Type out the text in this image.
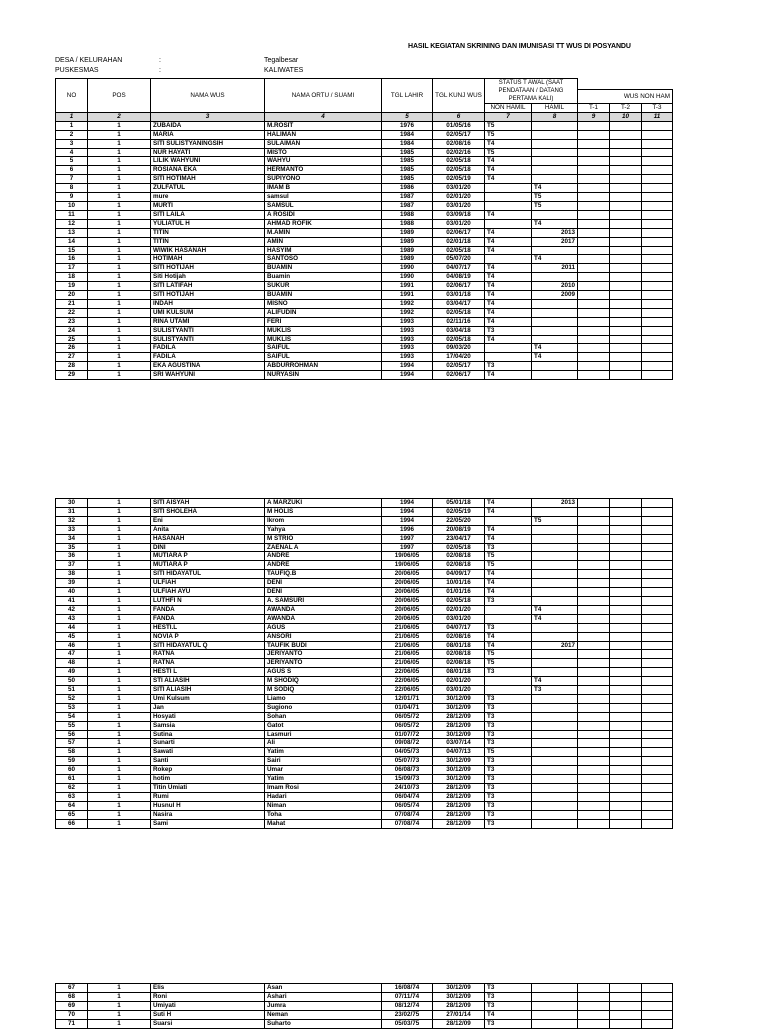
HASIL KEGIATAN SKRINING DAN IMUNISASI TT WUS DI POSYANDU
DESA / KELURAHAN	:	Tegalbesar
PUSKESMAS	:	KALIWATES
NO	POS	NAMA WUS	NAMA ORTU / SUAMI	TGL LAHIR	TGL KUNJ WUS	STATUS T AWAL (SAAT PENDATAAN / DATANG PERTAMA KALI)				
								WUS NON HAM		
						NON HAMIL	HAMIL	T-1	T-2	T-3
1	2	3	4	5	6	7	8	9	10	11
1	1	ZUBAIDA	M.ROSIT	1976	01/05/16	T5				
2	1	MARIA	HALIMAN	1984	02/05/17	T5				
3	1	SITI SULISTYANINGSIH	SULAIMAN	1984	02/08/16	T4				
4	1	NUR HAYATI	MISTO	1985	02/02/16	T5				
5	1	LILIK WAHYUNI	WAHYU	1985	02/05/18	T4				
6	1	ROSIANA EKA	HERMANTO	1985	02/05/18	T4				
7	1	SITI HOTIMAH	SUPIYONO	1985	02/05/19	T4				
8	1	ZULFATUL	IMAM B	1986	03/01/20		T4			
9	1	mure	samsul	1987	02/01/20		T5			
10	1	MURTI	SAMSUL	1987	03/01/20		T5			
11	1	SITI LAILA	A ROSIDI	1988	03/09/18	T4				
12	1	YULIATUL H	AHMAD ROFIK	1988	03/01/20		T4			
13	1	TITIN	M.AMIN	1989	02/06/17	T4	2013			

14	1	TITIN	AMIN	1989	02/01/18	T4	2017			

15	1	WIWIK HASANAH	HASYIM	1989	02/05/18	T4				
16	1	HOTIMAH	SANTOSO	1989	05/07/20		T4			
17	1	SITI HOTIJAH	BUAMIN	1990	04/07/17	T4	2011			

18	1	Siti Hotijah	Buamin	1990	04/08/19	T4				
19	1	SITI LATIFAH	SUKUR	1991	02/06/17	T4	2010			

20	1	SITI HOTIJAH	BUAMIN	1991	03/01/18	T4	2009			

21	1	INDAH	MISNO	1992	03/04/17	T4				
22	1	UMI KULSUM	ALIFUDIN	1992	02/05/18	T4				
23	1	RINA UTAMI	FERI	1993	02/11/16	T4				
24	1	SULISTYANTI	MUKLIS	1993	03/04/18	T3				
25	1	SULISTYANTI	MUKLIS	1993	02/05/18	T4				
26	1	FADILA	SAIFUL	1993	09/03/20		T4			
27	1	FADILA	SAIFUL	1993	17/04/20		T4			
28	1	EKA AGUSTINA	ABDURROHMAN	1994	02/05/17	T3				
29	1	SRI WAHYUNI	NURYASIN	1994	02/06/17	T4				
30	1	SITI AISYAH	A MARZUKI	1994	05/01/18	T4	2013			

31	1	SITI SHOLEHA	M HOLIS	1994	02/05/19	T4				
32	1	Eni	Ikrom	1994	22/05/20		T5			
33	1	Anita	Yahya	1996	20/08/19	T4				
34	1	HASANAH	M STRIO	1997	23/04/17	T4				
35	1	DINI	ZAENAL A	1997	02/05/18	T3				
36	1	MUTIARA P	ANDRE	19/06/05	02/08/18	T5				
37	1	MUTIARA P	ANDRE	19/06/05	02/08/18	T5				
38	1	SITI HIDAYATUL	TAUFIQ.B	20/06/05	04/09/17	T4				
39	1	ULFIAH	DENI	20/06/05	10/01/16	T4				
40	1	ULFIAH AYU	DENI	20/06/05	01/01/16	T4				
41	1	LUTHFI N	A. SAMSURI	20/06/05	02/05/18	T3				
42	1	FANDA	AWANDA	20/06/05	02/01/20		T4			
43	1	FANDA	AWANDA	20/06/05	03/01/20		T4			
44	1	HESTI.L	AGUS	21/06/05	04/07/17	T3				
45	1	NOVIA P	ANSORI	21/06/05	02/08/16	T4				
46	1	SITI HIDAYATUL Q	TAUFIK BUDI	21/06/05	08/01/18	T4	2017			

47	1	RATNA	JERIYANTO	21/06/05	02/08/18	T5				
48	1	RATNA	JERIYANTO	21/06/05	02/08/18	T5				
49	1	HESTI L	AGUS S	22/06/05	08/01/18	T3				
50	1	STI ALIASIH	M SHODIQ	22/06/05	02/01/20		T4			
51	1	SITI ALIASIH	M SODIQ	22/06/05	03/01/20		T3			
52	1	Umi Kulsum	Liamo	12/01/71	30/12/09	T3				
53	1	Jan	Sugiono	01/04/71	30/12/09	T3				
54	1	Hosyati	Sohan	06/05/72	28/12/09	T3				
55	1	Samsia	Gatot	06/05/72	28/12/09	T3				
56	1	Sutina	Lasmuri	01/07/72	30/12/09	T3				
57	1	Sunarti	Ali	09/08/72	03/07/14	T3				
58	1	Sawati	Yatim	04/05/73	04/07/13	T5				
59	1	Santi	Sairi	05/07/73	30/12/09	T3				
60	1	Rokep	Umar	06/08/73	30/12/09	T3				
61	1	hotim	Yatim	15/09/73	30/12/09	T3				
62	1	Titin Umiati	Imam Rosi	24/10/73	28/12/09	T3				
63	1	Rumi	Hadari	06/04/74	28/12/09	T3				
64	1	Husnul H	Niman	06/05/74	28/12/09	T3				
65	1	Nasira	Toha	07/08/74	28/12/09	T3				
66	1	Sami	Mahat	07/08/74	28/12/09	T3				
67	1	Elis	Asan	16/08/74	30/12/09	T3				
68	1	Roni	Ashari	07/11/74	30/12/09	T3				
69	1	Umiyati	Jumra	08/12/74	28/12/09	T3				
70	1	Suti H	Neman	23/02/75	27/01/14	T4				
71	1	Suarsi	Suharto	05/03/75	28/12/09	T3				
